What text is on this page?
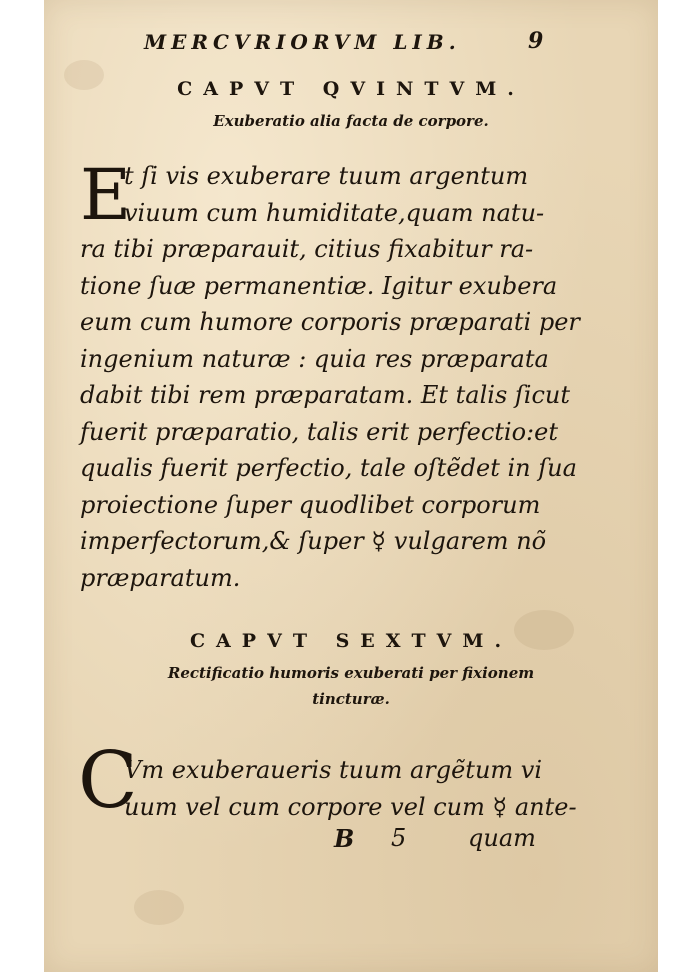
MERCVRIORVM LIB.	9
CAPVT QVINTVM.
Exuberatio alia facta de corpore.
E
t ſi vis exuberare tuum argentum
viuum cum humiditate,quam natu-
ra tibi præparauit, citius fixabitur ra-
tione ſuæ permanentiæ. Igitur exubera
eum cum humore corporis præparati per
ingenium naturæ : quia res præparata
dabit tibi rem præparatam. Et talis ſicut
fuerit præparatio, talis erit perfectio:et
qualis fuerit perfectio, tale oſtẽdet in ſua
proiectione ſuper quodlibet corporum
imperfectorum,& ſuper ☿ vulgarem nõ
præparatum.
CAPVT SEXTVM.
Rectificatio humoris exuberati per fixionem
tincturæ.
C
Vm exuberaueris tuum argẽtum vi
uum vel cum corpore vel cum ☿ ante-
B 5	quam
